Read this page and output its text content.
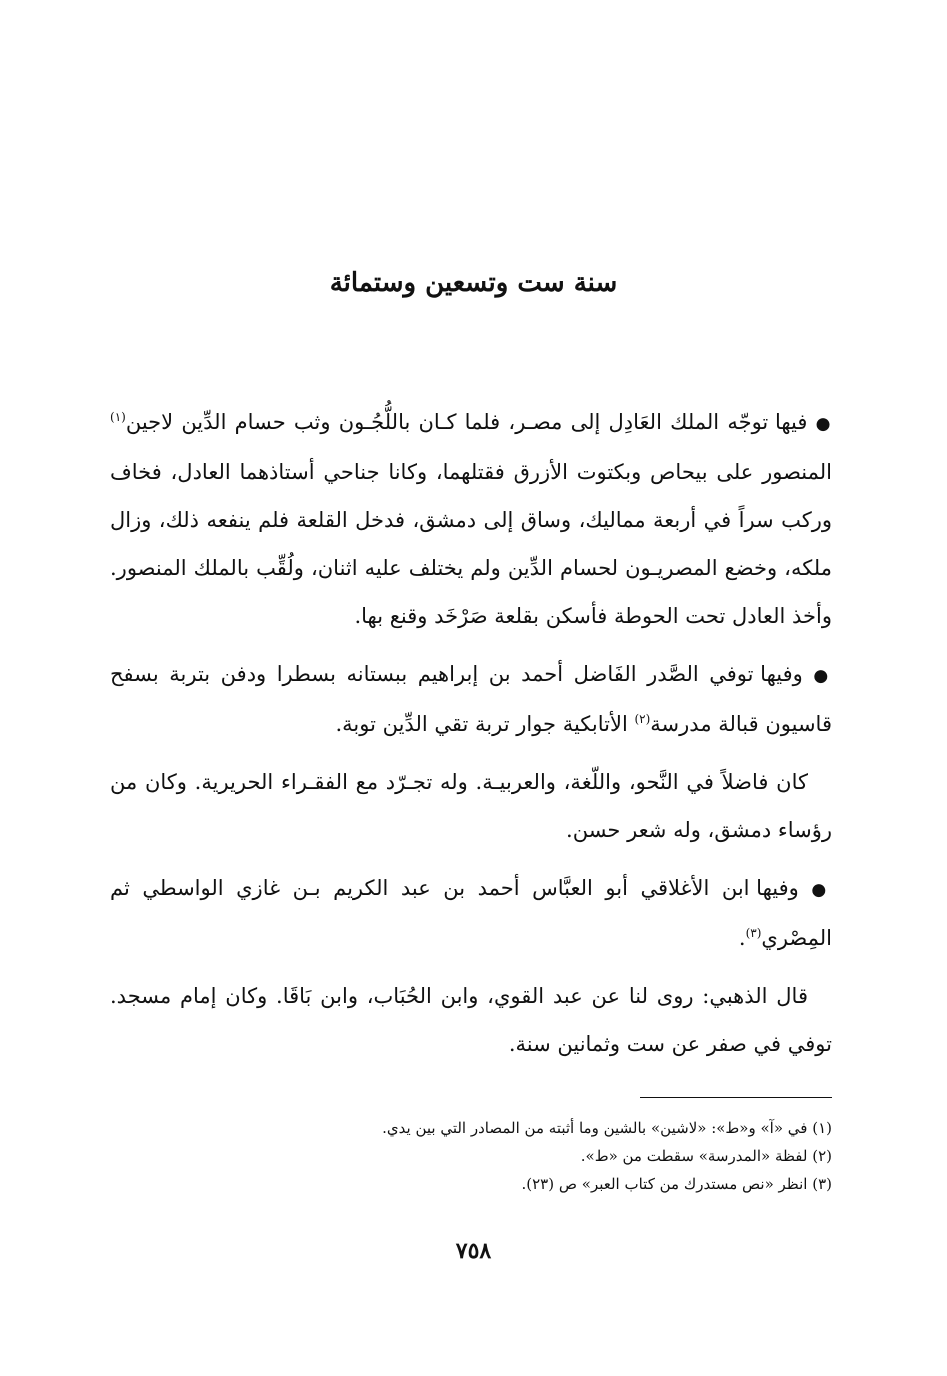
سنة ست وتسعين وستمائة

● فيها توجّه الملك العَادِل إلى مصـر، فلما كـان باللُّجُـون وثب حسام الدِّين لاجين$^{(١)}$ المنصور على بيحاص وبكتوت الأزرق فقتلهما، وكانا جناحي أستاذهما العادل، فخاف وركب سراً في أربعة مماليك، وساق إلى دمشق، فدخل القلعة فلم ينفعه ذلك، وزال ملكه، وخضع المصريـون لحسام الدِّين ولم يختلف عليه اثنان، ولُقِّب بالملك المنصور. وأخذ العادل تحت الحوطة فأسكن بقلعة صَرْخَد وقنع بها.

● وفيها توفي الصَّدر الفَاضل أحمد بن إبراهيم ببستانه بسطرا ودفن بتربة بسفح قاسيون قبالة مدرسة$^{(٢)}$ الأتابكية جوار تربة تقي الدِّين توبة.

كان فاضلاً في النَّحو، واللّغة، والعربيـة. وله تجـرّد مع الفقـراء الحريرية. وكان من رؤساء دمشق، وله شعر حسن.

● وفيها ابن الأغلاقي أبو العبَّاس أحمد بن عبد الكريم بـن غازي الواسطي ثم المِصْري$^{(٣)}$.

قال الذهبي: روى لنا عن عبد القوي، وابن الحُبَاب، وابن بَاقَا. وكان إمام مسجد. توفي في صفر عن ست وثمانين سنة.

(١) في «آ» و«ط»: «لاشين» بالشين وما أثبته من المصادر التي بين يدي.

(٢) لفظة «المدرسة» سقطت من «ط».

(٣) انظر «نص مستدرك من كتاب العبر» ص (٢٣).

٧٥٨
